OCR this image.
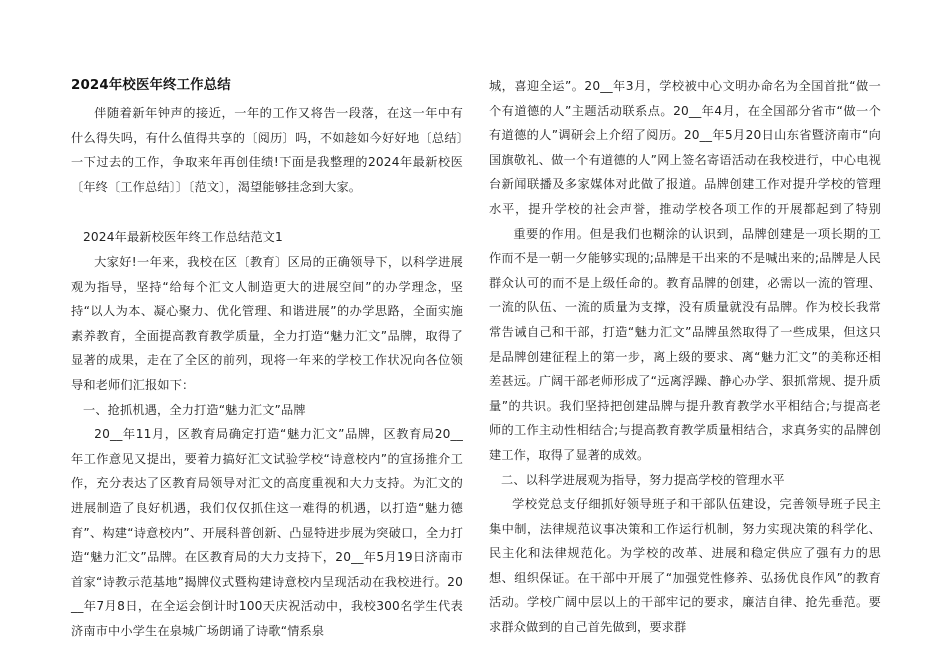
2024年校医年终工作总结

伴随着新年钟声的接近，一年的工作又将告一段落，在这一年中有什么得失吗，有什么值得共享的〔阅历〕吗，不如趁如今好好地〔总结〕一下过去的工作，争取来年再创佳绩!下面是我整理的2024年最新校医〔年终〔工作总结〕〕〔范文〕，渴望能够挂念到大家。

2024年最新校医年终工作总结范文1

大家好!一年来，我校在区〔教育〕区局的正确领导下，以科学进展观为指导，坚持“给每个汇文人制造更大的进展空间”的办学理念，坚持“以人为本、凝心聚力、优化管理、和谐进展”的办学思路，全面实施素养教育，全面提高教育教学质量，全力打造“魅力汇文”品牌，取得了显著的成果，走在了全区的前列，现将一年来的学校工作状况向各位领导和老师们汇报如下：

一、抢抓机遇，全力打造“魅力汇文”品牌

20__年11月，区教育局确定打造“魅力汇文”品牌，区教育局20__年工作意见又提出，要着力搞好汇文试验学校“诗意校内”的宣扬推介工作，充分表达了区教育局领导对汇文的高度重视和大力支持。为汇文的进展制造了良好机遇，我们仅仅抓住这一难得的机遇，以打造“魅力德育”、构建“诗意校内”、开展科普创新、凸显特进步展为突破口，全力打造“魅力汇文”品牌。在区教育局的大力支持下，20__年5月19日济南市首家“诗教示范基地”揭牌仪式暨构建诗意校内呈现活动在我校进行。20__年7月8日，在全运会倒计时100天庆祝活动中，我校300名学生代表济南市中小学生在泉城广场朗诵了诗歌“情系泉

城，喜迎全运”。20__年3月，学校被中心文明办命名为全国首批“做一个有道德的人”主题活动联系点。20__年4月，在全国部分省市“做一个有道德的人”调研会上介绍了阅历。20__年5月20日山东省暨济南市“向国旗敬礼、做一个有道德的人”网上签名寄语活动在我校进行，中心电视台新闻联播及多家媒体对此做了报道。品牌创建工作对提升学校的管理水平，提升学校的社会声誉，推动学校各项工作的开展都起到了特别重要的作用。但是我们也糊涂的认识到，品牌创建是一项长期的工作而不是一朝一夕能够实现的;品牌是干出来的不是喊出来的;品牌是人民群众认可的而不是上级任命的。教育品牌的创建，必需以一流的管理、一流的队伍、一流的质量为支撑，没有质量就没有品牌。作为校长我常常告诫自己和干部，打造“魅力汇文”品牌虽然取得了一些成果，但这只是品牌创建征程上的第一步，离上级的要求、离“魅力汇文”的美称还相差甚远。广阔干部老师形成了“远离浮躁、静心办学、狠抓常规、提升质量”的共识。我们坚持把创建品牌与提升教育教学水平相结合;与提高老师的工作主动性相结合;与提高教育教学质量相结合，求真务实的品牌创建工作，取得了显著的成效。

二、以科学进展观为指导，努力提高学校的管理水平

学校党总支仔细抓好领导班子和干部队伍建设，完善领导班子民主集中制，法律规范议事决策和工作运行机制，努力实现决策的科学化、民主化和法律规范化。为学校的改革、进展和稳定供应了强有力的思想、组织保证。在干部中开展了“加强党性修养、弘扬优良作风”的教育活动。学校广阔中层以上的干部牢记的要求，廉洁自律、抢先垂范。要求群众做到的自己首先做到，要求群
